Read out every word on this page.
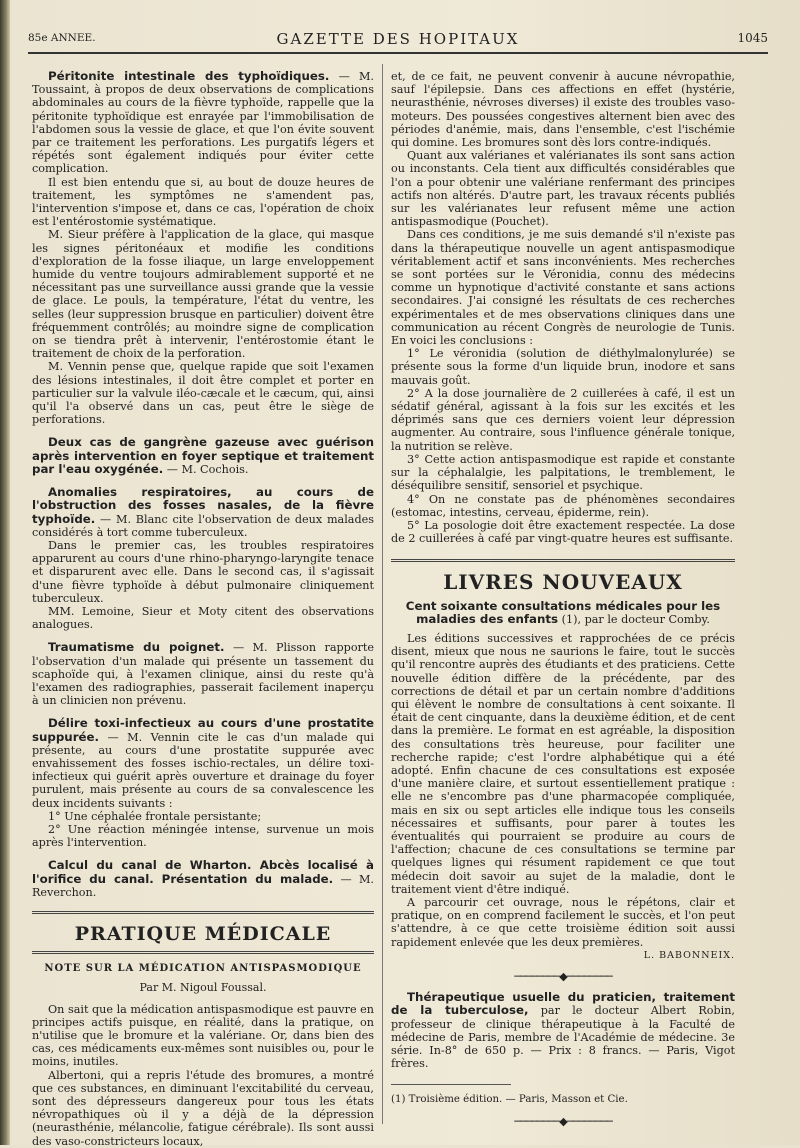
85e ANNEE.	GAZETTE DES HOPITAUX	1045

Péritonite intestinale des typhoïdiques. — M. Toussaint, à propos de deux observations de complications abdominales au cours de la fièvre typhoïde, rappelle que la péritonite typhoïdique est enrayée par l'immobilisation de l'abdomen sous la vessie de glace, et que l'on évite souvent par ce traitement les perforations. Les purgatifs légers et répétés sont également indiqués pour éviter cette complication.

Il est bien entendu que si, au bout de douze heures de traitement, les symptômes ne s'amendent pas, l'intervention s'impose et, dans ce cas, l'opération de choix est l'entérostomie systématique.

M. Sieur préfère à l'application de la glace, qui masque les signes péritonéaux et modifie les conditions d'exploration de la fosse iliaque, un large enveloppement humide du ventre toujours admirablement supporté et ne nécessitant pas une surveillance aussi grande que la vessie de glace. Le pouls, la température, l'état du ventre, les selles (leur suppression brusque en particulier) doivent être fréquemment contrôlés; au moindre signe de complication on se tiendra prêt à intervenir, l'entérostomie étant le traitement de choix de la perforation.

M. Vennin pense que, quelque rapide que soit l'examen des lésions intestinales, il doit être complet et porter en particulier sur la valvule iléo-cæcale et le cæcum, qui, ainsi qu'il l'a observé dans un cas, peut être le siège de perforations.

Deux cas de gangrène gazeuse avec guérison après intervention en foyer septique et traitement par l'eau oxygénée. — M. Cochois.

Anomalies respiratoires, au cours de l'obstruction des fosses nasales, de la fièvre typhoïde. — M. Blanc cite l'observation de deux malades considérés à tort comme tuberculeux.

Dans le premier cas, les troubles respiratoires apparurent au cours d'une rhino-pharyngo-laryngite tenace et disparurent avec elle. Dans le second cas, il s'agissait d'une fièvre typhoïde à début pulmonaire cliniquement tuberculeux.

MM. Lemoine, Sieur et Moty citent des observations analogues.

Traumatisme du poignet. — M. Plisson rapporte l'observation d'un malade qui présente un tassement du scaphoïde qui, à l'examen clinique, ainsi du reste qu'à l'examen des radiographies, passerait facilement inaperçu à un clinicien non prévenu.

Délire toxi-infectieux au cours d'une prostatite suppurée. — M. Vennin cite le cas d'un malade qui présente, au cours d'une prostatite suppurée avec envahissement des fosses ischio-rectales, un délire toxi-infectieux qui guérit après ouverture et drainage du foyer purulent, mais présente au cours de sa convalescence les deux incidents suivants :

1° Une céphalée frontale persistante;

2° Une réaction méningée intense, survenue un mois après l'intervention.

Calcul du canal de Wharton. Abcès localisé à l'orifice du canal. Présentation du malade. — M. Reverchon.

PRATIQUE MÉDICALE
NOTE SUR LA MÉDICATION ANTISPASMODIQUE
Par M. Nigoul Foussal.

On sait que la médication antispasmodique est pauvre en principes actifs puisque, en réalité, dans la pratique, on n'utilise que le bromure et la valériane. Or, dans bien des cas, ces médicaments eux-mêmes sont nuisibles ou, pour le moins, inutiles.

Albertoni, qui a repris l'étude des bromures, a montré que ces substances, en diminuant l'excitabilité du cerveau, sont des dépresseurs dangereux pour tous les états névropathiques où il y a déjà de la dépression (neurasthénie, mélancolie, fatigue cérébrale). Ils sont aussi des vaso-constricteurs locaux,

et, de ce fait, ne peuvent convenir à aucune névropathie, sauf l'épilepsie. Dans ces affections en effet (hystérie, neurasthénie, névroses diverses) il existe des troubles vaso-moteurs. Des poussées congestives alternent bien avec des périodes d'anémie, mais, dans l'ensemble, c'est l'ischémie qui domine. Les bromures sont dès lors contre-indiqués.

Quant aux valérianes et valérianates ils sont sans action ou inconstants. Cela tient aux difficultés considérables que l'on a pour obtenir une valériane renfermant des principes actifs non altérés. D'autre part, les travaux récents publiés sur les valérianates leur refusent même une action antispasmodique (Pouchet).

Dans ces conditions, je me suis demandé s'il n'existe pas dans la thérapeutique nouvelle un agent antispasmodique véritablement actif et sans inconvénients. Mes recherches se sont portées sur le Véronidia, connu des médecins comme un hypnotique d'activité constante et sans actions secondaires. J'ai consigné les résultats de ces recherches expérimentales et de mes observations cliniques dans une communication au récent Congrès de neurologie de Tunis. En voici les conclusions :

1° Le véronidia (solution de diéthylmalonylurée) se présente sous la forme d'un liquide brun, inodore et sans mauvais goût.

2° A la dose journalière de 2 cuillerées à café, il est un sédatif général, agissant à la fois sur les excités et les déprimés sans que ces derniers voient leur dépression augmenter. Au contraire, sous l'influence générale tonique, la nutrition se relève.

3° Cette action antispasmodique est rapide et constante sur la céphalalgie, les palpitations, le tremblement, le déséquilibre sensitif, sensoriel et psychique.

4° On ne constate pas de phénomènes secondaires (estomac, intestins, cerveau, épiderme, rein).

5° La posologie doit être exactement respectée. La dose de 2 cuillerées à café par vingt-quatre heures est suffisante.

LIVRES NOUVEAUX

Cent soixante consultations médicales pour les maladies des enfants (1), par le docteur Comby.

Les éditions successives et rapprochées de ce précis disent, mieux que nous ne saurions le faire, tout le succès qu'il rencontre auprès des étudiants et des praticiens. Cette nouvelle édition diffère de la précédente, par des corrections de détail et par un certain nombre d'additions qui élèvent le nombre de consultations à cent soixante. Il était de cent cinquante, dans la deuxième édition, et de cent dans la première. Le format en est agréable, la disposition des consultations très heureuse, pour faciliter une recherche rapide; c'est l'ordre alphabétique qui a été adopté. Enfin chacune de ces consultations est exposée d'une manière claire, et surtout essentiellement pratique : elle ne s'encombre pas d'une pharmacopée compliquée, mais en six ou sept articles elle indique tous les conseils nécessaires et suffisants, pour parer à toutes les éventualités qui pourraient se produire au cours de l'affection; chacune de ces consultations se termine par quelques lignes qui résument rapidement ce que tout médecin doit savoir au sujet de la maladie, dont le traitement vient d'être indiqué.

A parcourir cet ouvrage, nous le répétons, clair et pratique, on en comprend facilement le succès, et l'on peut s'attendre, à ce que cette troisième édition soit aussi rapidement enlevée que les deux premières.

L. BABONNEIX.
────────◆────────

Thérapeutique usuelle du praticien, traitement de la tuberculose, par le docteur Albert Robin, professeur de clinique thérapeutique à la Faculté de médecine de Paris, membre de l'Académie de médecine. 3e série. In-8° de 650 p. — Prix : 8 francs. — Paris, Vigot frères.

(1) Troisième édition. — Paris, Masson et Cie.

────────◆────────
